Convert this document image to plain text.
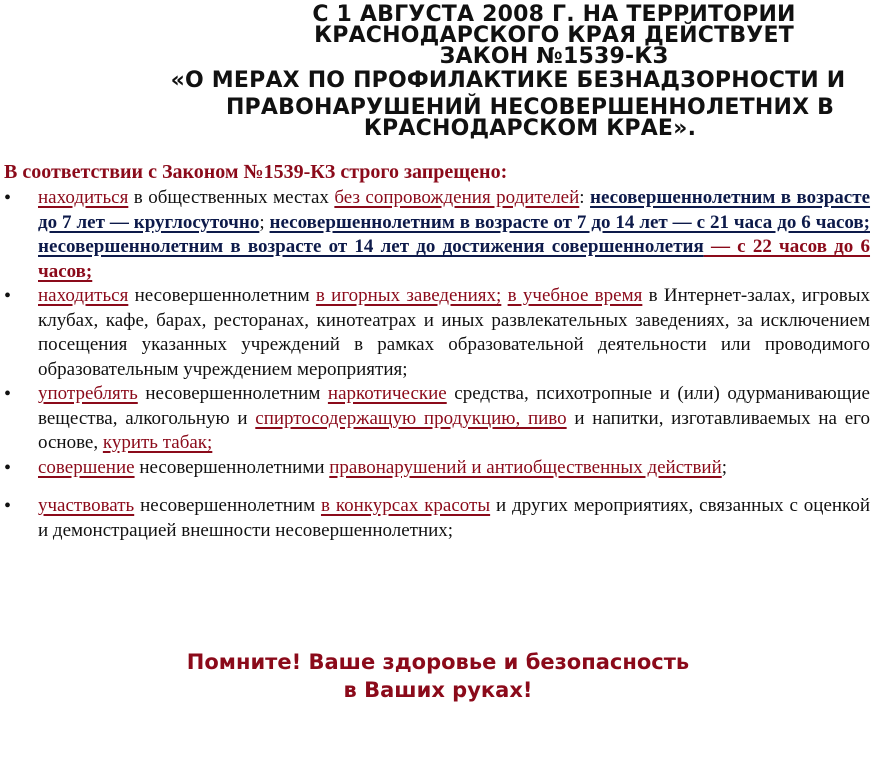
С 1 АВГУСТА 2008 Г. НА ТЕРРИТОРИИ
КРАСНОДАРСКОГО КРАЯ ДЕЙСТВУЕТ
ЗАКОН №1539-КЗ
«О МЕРАХ ПО ПРОФИЛАКТИКЕ БЕЗНАДЗОРНОСТИ И
ПРАВОНАРУШЕНИЙ НЕСОВЕРШЕННОЛЕТНИХ В
КРАСНОДАРСКОМ КРАЕ».
В соответствии с Законом №1539-КЗ строго запрещено:
•	находиться в общественных местах без сопровождения родителей: несовершеннолетним в возрасте до 7 лет — круглосуточно; несовершеннолетним в возрасте от 7 до 14 лет — с 21 часа до 6 часов; несовершеннолетним в возрасте от 14 лет до достижения совершеннолетия — с 22 часов до 6 часов;
•	находиться несовершеннолетним в игорных заведениях; в учебное время в Интернет-залах, игровых клубах, кафе, барах, ресторанах, кинотеатрах и иных развлекательных заведениях, за исключением посещения указанных учреждений в рамках образовательной деятельности или проводимого образовательным учреждением мероприятия;
•	употреблять несовершеннолетним наркотические средства, психотропные и (или) одурманивающие вещества, алкогольную и спиртосодержащую продукцию, пиво и напитки, изготавливаемых на его основе, курить табак;
•	совершение несовершеннолетними правонарушений и антиобщественных действий;
•	участвовать несовершеннолетним в конкурсах красоты и других мероприятиях, связанных с оценкой и демонстрацией внешности несовершеннолетних;
Помните! Ваше здоровье и безопасность
в Ваших руках!
